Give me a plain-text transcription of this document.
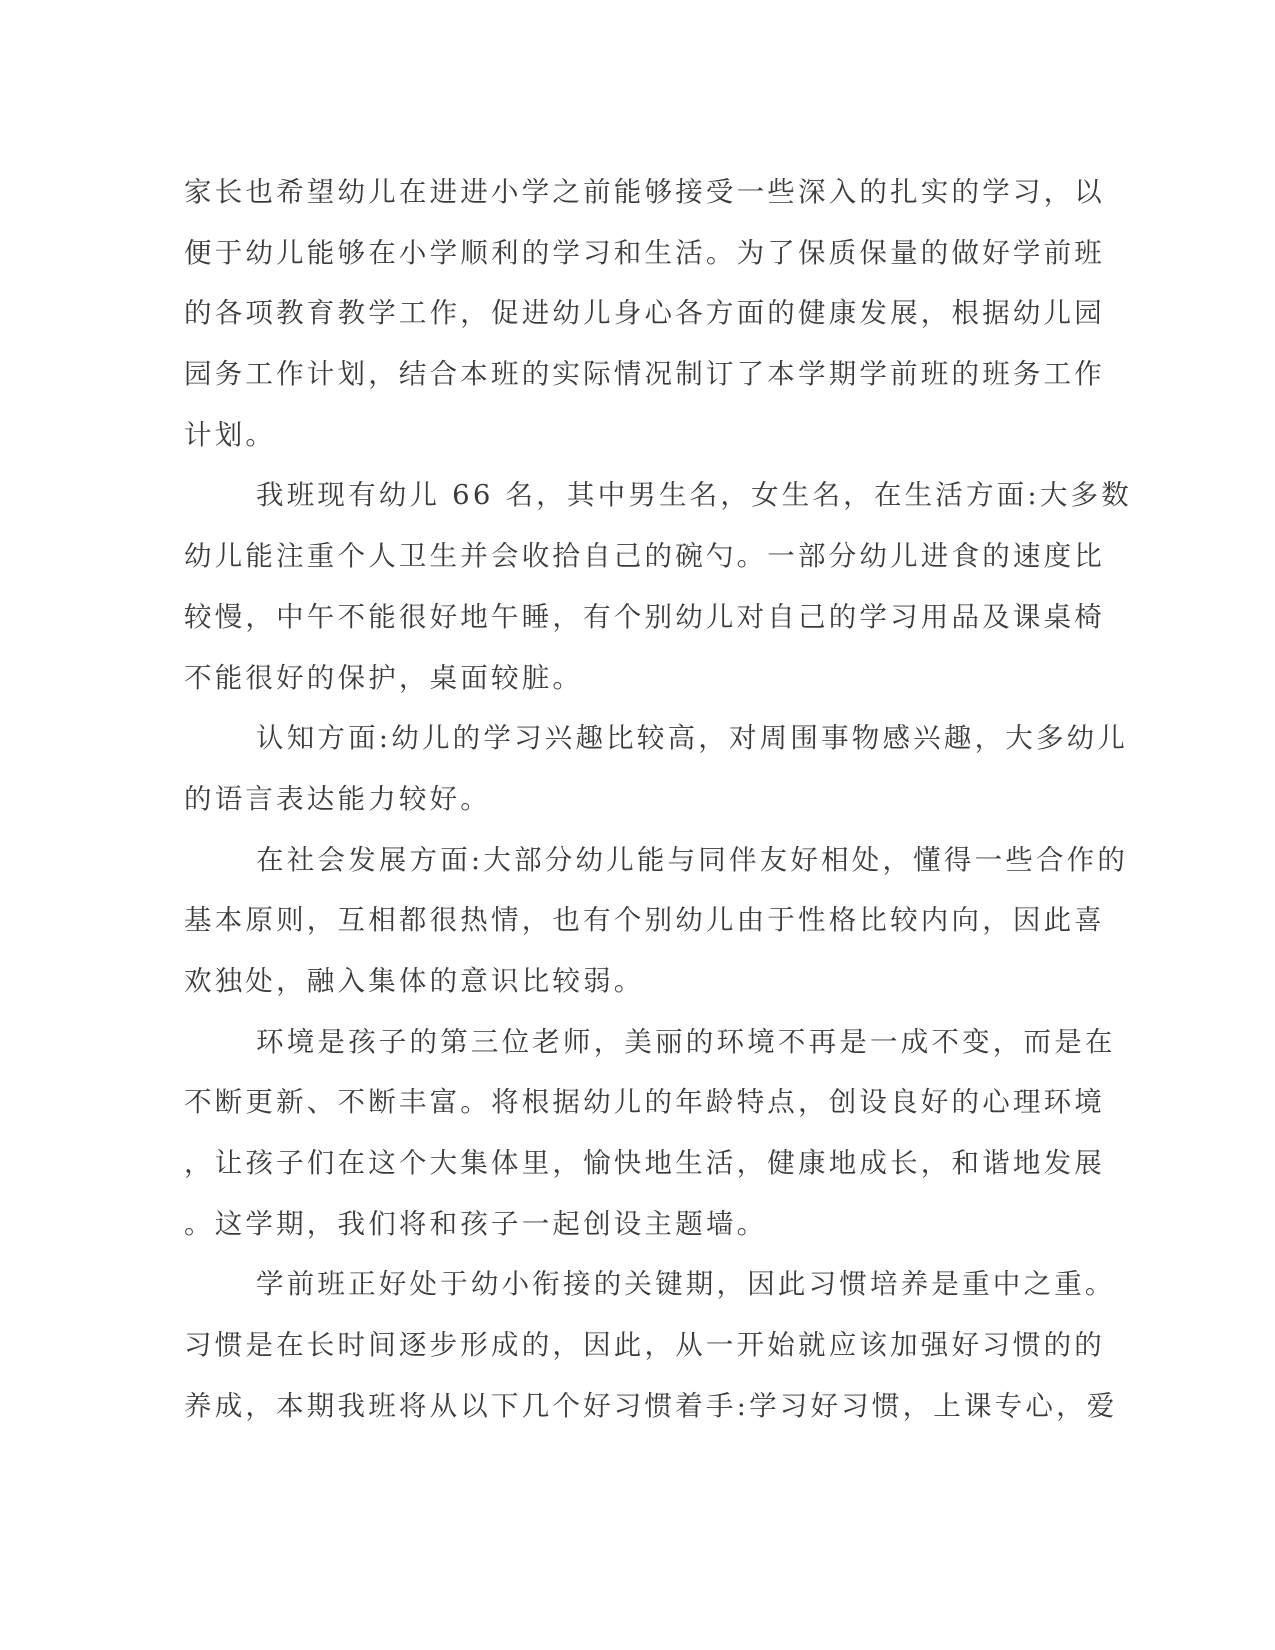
家长也希望幼儿在进进小学之前能够接受一些深入的扎实的学习，以
便于幼儿能够在小学顺利的学习和生活。为了保质保量的做好学前班
的各项教育教学工作，促进幼儿身心各方面的健康发展，根据幼儿园
园务工作计划，结合本班的实际情况制订了本学期学前班的班务工作
计划。
我班现有幼儿 66 名，其中男生名，女生名，在生活方面:大多数
幼儿能注重个人卫生并会收拾自己的碗勺。一部分幼儿进食的速度比
较慢，中午不能很好地午睡，有个别幼儿对自己的学习用品及课桌椅
不能很好的保护，桌面较脏。
认知方面:幼儿的学习兴趣比较高，对周围事物感兴趣，大多幼儿
的语言表达能力较好。
在社会发展方面:大部分幼儿能与同伴友好相处，懂得一些合作的
基本原则，互相都很热情，也有个别幼儿由于性格比较内向，因此喜
欢独处，融入集体的意识比较弱。
环境是孩子的第三位老师，美丽的环境不再是一成不变，而是在
不断更新、不断丰富。将根据幼儿的年龄特点，创设良好的心理环境
，让孩子们在这个大集体里，愉快地生活，健康地成长，和谐地发展
。这学期，我们将和孩子一起创设主题墙。
学前班正好处于幼小衔接的关键期，因此习惯培养是重中之重。
习惯是在长时间逐步形成的，因此，从一开始就应该加强好习惯的的
养成，本期我班将从以下几个好习惯着手:学习好习惯，上课专心，爱
